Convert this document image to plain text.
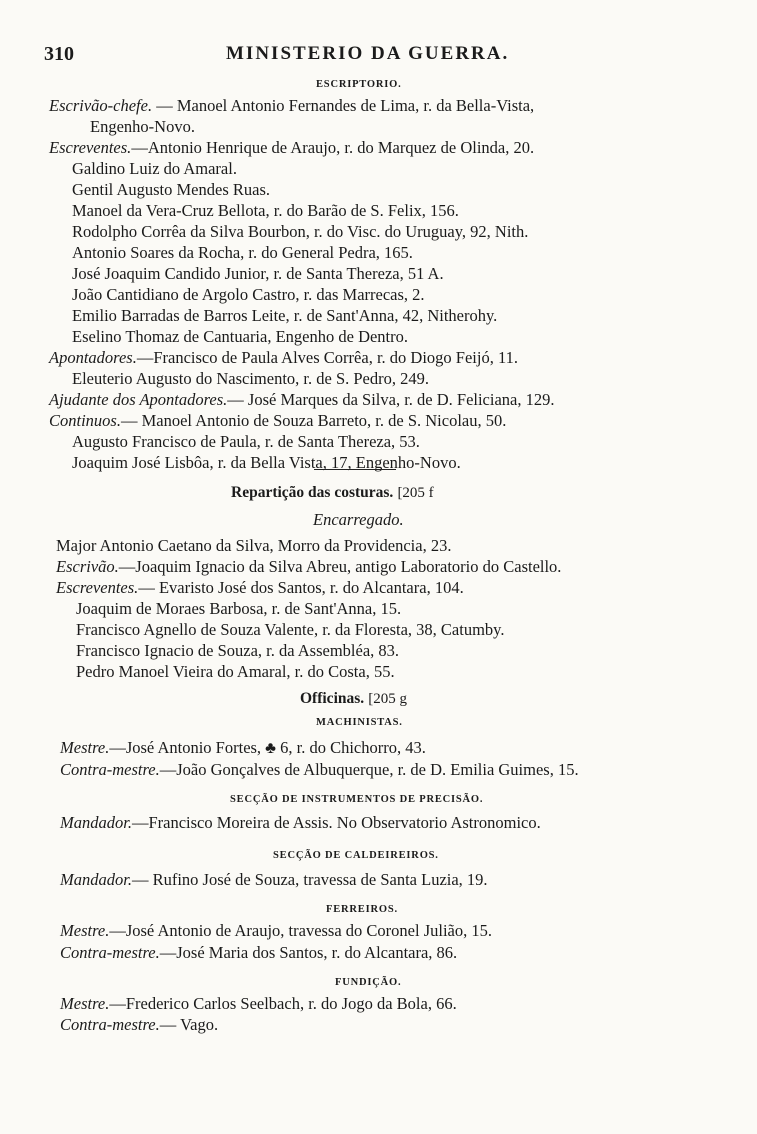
310	MINISTERIO DA GUERRA.
ESCRIPTORIO.
Escrivão-chefe. — Manoel Antonio Fernandes de Lima, r. da Bella-Vista,
Engenho-Novo.
Escreventes.—Antonio Henrique de Araujo, r. do Marquez de Olinda, 20.
Galdino Luiz do Amaral.
Gentil Augusto Mendes Ruas.
Manoel da Vera-Cruz Bellota, r. do Barão de S. Felix, 156.
Rodolpho Corrêa da Silva Bourbon, r. do Visc. do Uruguay, 92, Nith.
Antonio Soares da Rocha, r. do General Pedra, 165.
José Joaquim Candido Junior, r. de Santa Thereza, 51 A.
João Cantidiano de Argolo Castro, r. das Marrecas, 2.
Emilio Barradas de Barros Leite, r. de Sant'Anna, 42, Nitherohy.
Eselino Thomaz de Cantuaria, Engenho de Dentro.
Apontadores.—Francisco de Paula Alves Corrêa, r. do Diogo Feijó, 11.
Eleuterio Augusto do Nascimento, r. de S. Pedro, 249.
Ajudante dos Apontadores.— José Marques da Silva, r. de D. Feliciana, 129.
Continuos.— Manoel Antonio de Souza Barreto, r. de S. Nicolau, 50.
Augusto Francisco de Paula, r. de Santa Thereza, 53.
Joaquim José Lisbôa, r. da Bella Vista, 17, Engenho-Novo.
Repartição das costuras. [205 f
Encarregado.
Major Antonio Caetano da Silva, Morro da Providencia, 23.
Escrivão.—Joaquim Ignacio da Silva Abreu, antigo Laboratorio do Castello.
Escreventes.— Evaristo José dos Santos, r. do Alcantara, 104.
Joaquim de Moraes Barbosa, r. de Sant'Anna, 15.
Francisco Agnello de Souza Valente, r. da Floresta, 38, Catumby.
Francisco Ignacio de Souza, r. da Assembléa, 83.
Pedro Manoel Vieira do Amaral, r. do Costa, 55.
Officinas. [205 g
MACHINISTAS.
Mestre.—José Antonio Fortes, ♣ 6, r. do Chichorro, 43.
Contra-mestre.—João Gonçalves de Albuquerque, r. de D. Emilia Guimes, 15.
SECÇÃO DE INSTRUMENTOS DE PRECISÃO.
Mandador.—Francisco Moreira de Assis. No Observatorio Astronomico.
SECÇÃO DE CALDEIREIROS.
Mandador.— Rufino José de Souza, travessa de Santa Luzia, 19.
FERREIROS.
Mestre.—José Antonio de Araujo, travessa do Coronel Julião, 15.
Contra-mestre.—José Maria dos Santos, r. do Alcantara, 86.
FUNDIÇÃO.
Mestre.—Frederico Carlos Seelbach, r. do Jogo da Bola, 66.
Contra-mestre.— Vago.
